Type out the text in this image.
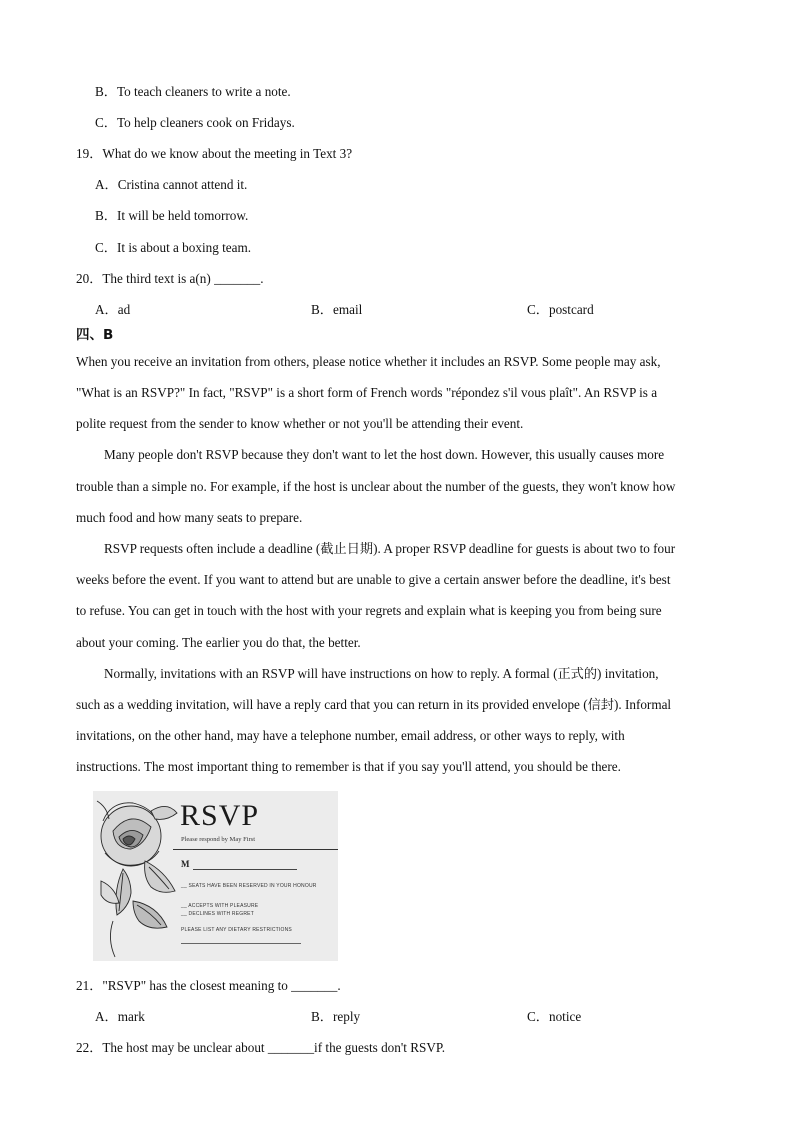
B．To teach cleaners to write a note.
C．To help cleaners cook on Fridays.
19．What do we know about the meeting in Text 3?
A．Cristina cannot attend it.
B．It will be held tomorrow.
C．It is about a boxing team.
20．The third text is a(n) _______.
A．ad	B．email	C．postcard
四、B
When you receive an invitation from others, please notice whether it includes an RSVP. Some people may ask,
"What is an RSVP?" In fact, "RSVP" is a short form of French words "répondez s'il vous plaît". An RSVP is a
polite request from the sender to know whether or not you'll be attending their event.
Many people don't RSVP because they don't want to let the host down. However, this usually causes more
trouble than a simple no. For example, if the host is unclear about the number of the guests, they won't know how
much food and how many seats to prepare.
RSVP requests often include a deadline (截止日期). A proper RSVP deadline for guests is about two to four
weeks before the event. If you want to attend but are unable to give a certain answer before the deadline, it's best
to refuse. You can get in touch with the host with your regrets and explain what is keeping you from being sure
about your coming. The earlier you do that, the better.
Normally, invitations with an RSVP will have instructions on how to reply. A formal (正式的) invitation,
such as a wedding invitation, will have a reply card that you can return in its provided envelope (信封). Informal
invitations, on the other hand, may have a telephone number, email address, or other ways to reply, with
instructions. The most important thing to remember is that if you say you'll attend, you should be there.
RSVP
Please respond by May First
M
__ SEATS HAVE BEEN RESERVED IN YOUR HONOUR
__ ACCEPTS WITH PLEASURE
__ DECLINES WITH REGRET
PLEASE LIST ANY DIETARY RESTRICTIONS
21．"RSVP" has the closest meaning to _______.
A．mark	B．reply	C．notice
22．The host may be unclear about _______if the guests don't RSVP.
